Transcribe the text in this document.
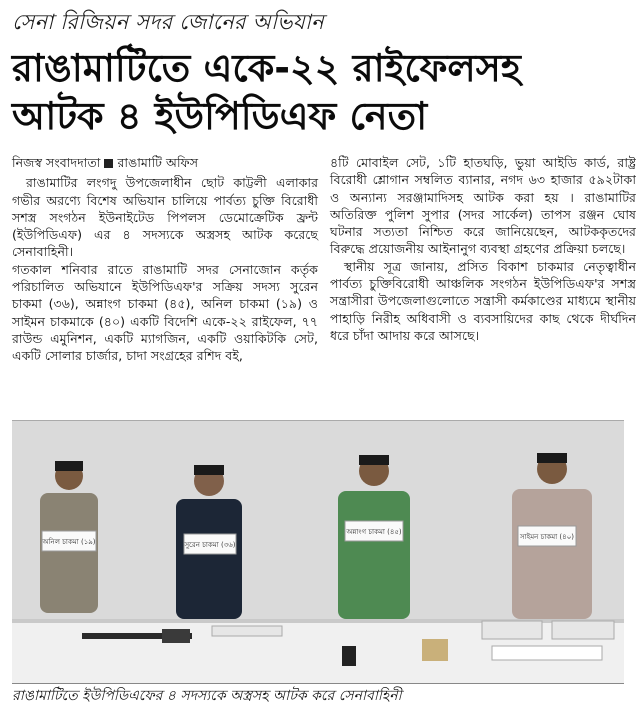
সেনা রিজিয়ন সদর জোনের অভিযান
রাঙামাটিতে একে-২২ রাইফেলসহ
আটক ৪ ইউপিডিএফ নেতা
নিজস্ব সংবাদদাতা রাঙামাটি অফিস

রাঙামাটির লংগদু উপজেলাধীন ছোট কাট্টলী এলাকার গভীর অরণ্যে বিশেষ অভিযান চালিয়ে পার্বত্য চুক্তি বিরোধী সশস্ত্র সংগঠন ইউনাইটেড পিপলস ডেমোক্রেটিক ফ্রন্ট (ইউপিডিএফ) এর ৪ সদস্যকে অস্ত্রসহ আটক করেছে সেনাবাহিনী।

গতকাল শনিবার রাতে রাঙামাটি সদর সেনাজোন কর্তৃক পরিচালিত অভিযানে ইউপিডিএফ'র সক্রিয় সদস্য সুরেন চাকমা (৩৬), অন্নাংগ চাকমা (৪৫), অনিল চাকমা (১৯) ও সাইমন চাকমাকে (৪০) একটি বিদেশি একে-২২ রাইফেল, ৭৭ রাউন্ড এমুনিশন, একটি ম্যাগজিন, একটি ওয়াকিটকি সেট, একটি সোলার চার্জার, চাদা সংগ্রহের রশিদ বই,

৪টি মোবাইল সেট, ১টি হাতঘড়ি, ভুয়া আইডি কার্ড, রাষ্ট্র বিরোধী শ্লোগান সম্বলিত ব্যানার, নগদ ৬৩ হাজার ৫৯২টাকা ও অন্যান্য সরঞ্জামাদিসহ আটক করা হয় । রাঙামাটির অতিরিক্ত পুলিশ সুপার (সদর সার্কেল) তাপস রঞ্জন ঘোষ ঘটনার সত্যতা নিশ্চিত করে জানিয়েছেন, আটককৃতদের বিরুদ্ধে প্রয়োজনীয় আইনানুগ ব্যবস্থা গ্রহণের প্রক্রিয়া চলছে।

স্থানীয় সূত্র জানায়, প্রসিত বিকাশ চাকমার নেতৃত্বাধীন পার্বত্য চুক্তিবিরোধী আঞ্চলিক সংগঠন ইউপিডিএফ'র সশস্ত্র সন্ত্রাসীরা উপজেলাগুলোতে সন্ত্রাসী কর্মকাণ্ডের মাধ্যমে স্থানীয় পাহাড়ি নিরীহ অধিবাসী ও ব্যবসায়িদের কাছ থেকে দীর্ঘদিন ধরে চাঁদা আদায় করে আসছে।

অনিল চাকমা (১৯)	সুরেন চাকমা (৩৬)
অন্নাংগ চাকমা (৪৫)
সাইমন চাকমা (৪০)
রাঙামাটিতে ইউপিডিএফের ৪ সদস্যকে অস্ত্রসহ আটক করে সেনাবাহিনী
